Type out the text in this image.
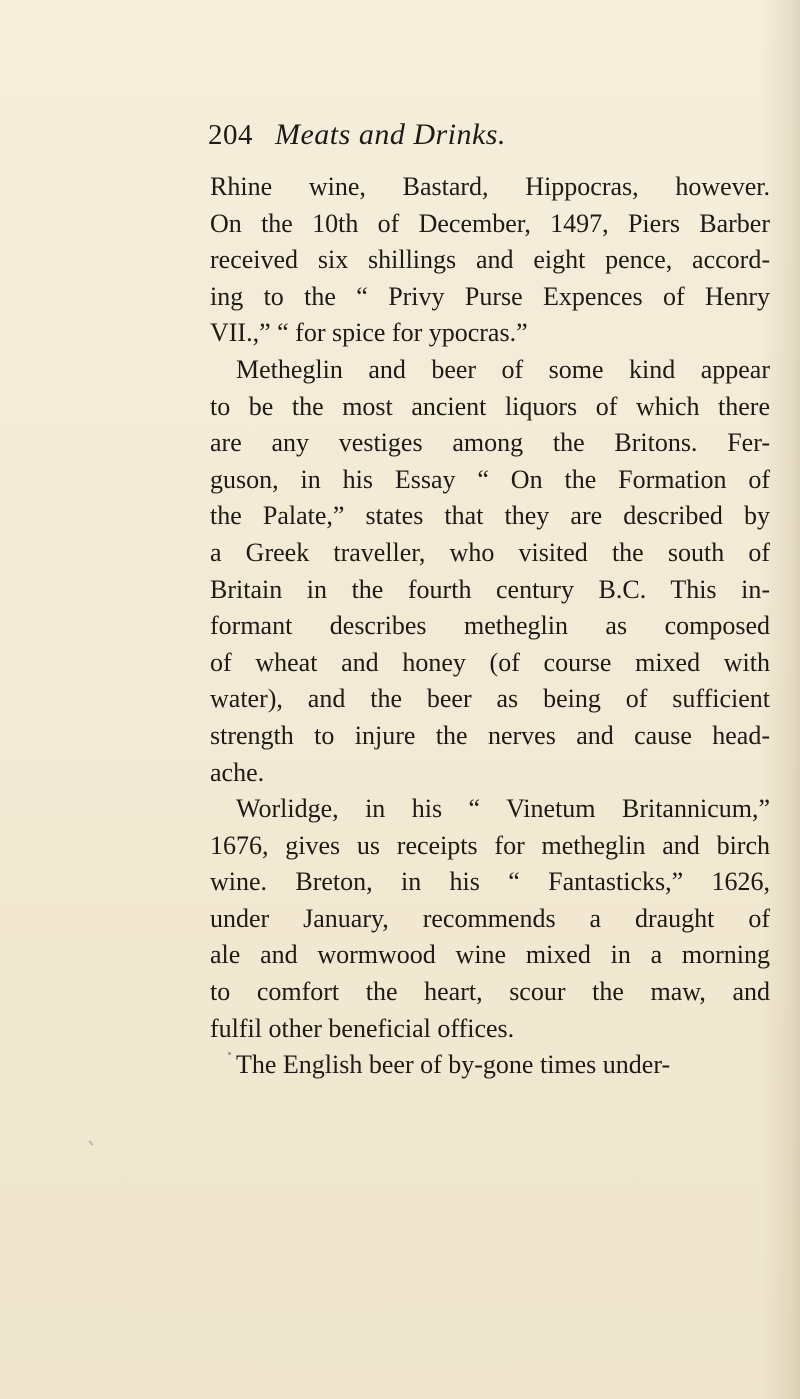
204 Meats and Drinks.
Rhine wine, Bastard, Hippocras, however.
On the 10th of December, 1497, Piers Barber
received six shillings and eight pence, accord-
ing to the “ Privy Purse Expences of Henry
VII.,” “ for spice for ypocras.”
Metheglin and beer of some kind appear
to be the most ancient liquors of which there
are any vestiges among the Britons. Fer-
guson, in his Essay “ On the Formation of
the Palate,” states that they are described by
a Greek traveller, who visited the south of
Britain in the fourth century B.C. This in-
formant describes metheglin as composed
of wheat and honey (of course mixed with
water), and the beer as being of sufficient
strength to injure the nerves and cause head-
ache.
Worlidge, in his “ Vinetum Britannicum,”
1676, gives us receipts for metheglin and birch
wine. Breton, in his “ Fantasticks,” 1626,
under January, recommends a draught of
ale and wormwood wine mixed in a morning
to comfort the heart, scour the maw, and
fulfil other beneficial offices.
The English beer of by-gone times under-
